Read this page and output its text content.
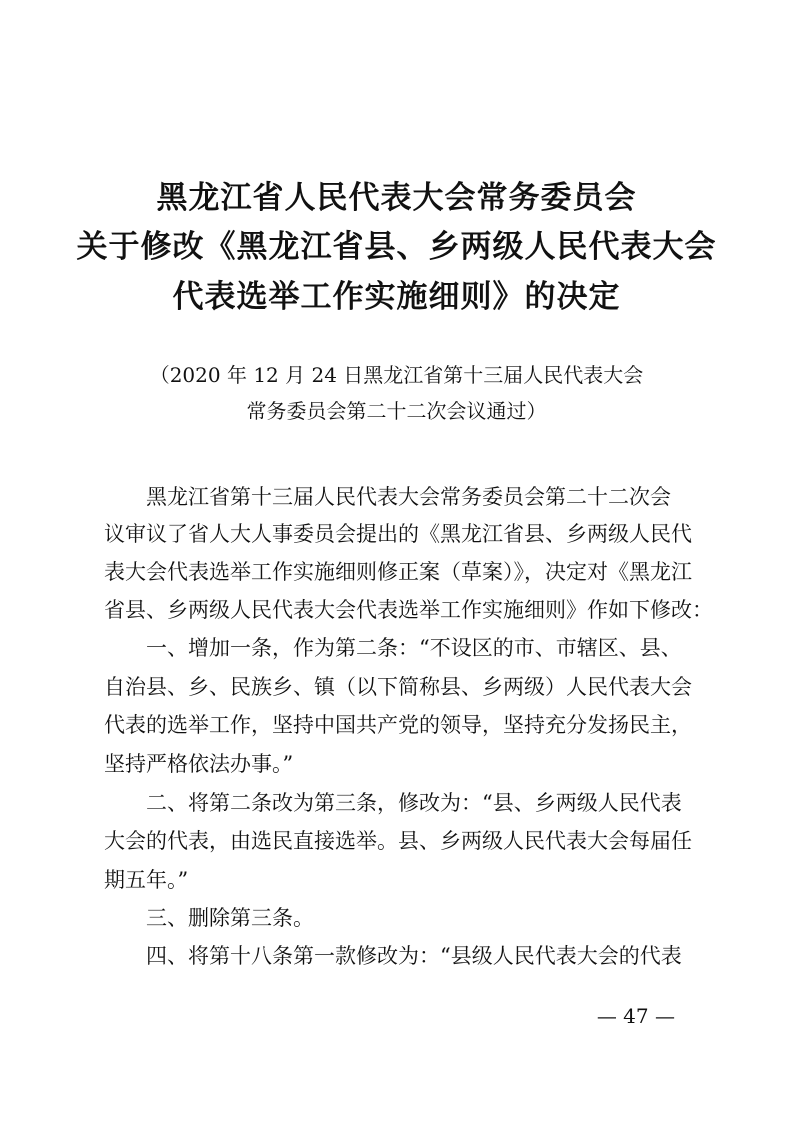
黑龙江省人民代表大会常务委员会
关于修改《黑龙江省县、乡两级人民代表大会
代表选举工作实施细则》的决定
（2020 年 12 月 24 日黑龙江省第十三届人民代表大会
常务委员会第二十二次会议通过）
黑龙江省第十三届人民代表大会常务委员会第二十二次会
议审议了省人大人事委员会提出的《黑龙江省县、乡两级人民代
表大会代表选举工作实施细则修正案（草案）》，决定对《黑龙江
省县、乡两级人民代表大会代表选举工作实施细则》作如下修改：
一、增加一条，作为第二条：“不设区的市、市辖区、县、
自治县、乡、民族乡、镇（以下简称县、乡两级）人民代表大会
代表的选举工作，坚持中国共产党的领导，坚持充分发扬民主，
坚持严格依法办事。”
二、将第二条改为第三条，修改为：“县、乡两级人民代表
大会的代表，由选民直接选举。县、乡两级人民代表大会每届任
期五年。”
三、删除第三条。
四、将第十八条第一款修改为：“县级人民代表大会的代表
— 47 —
